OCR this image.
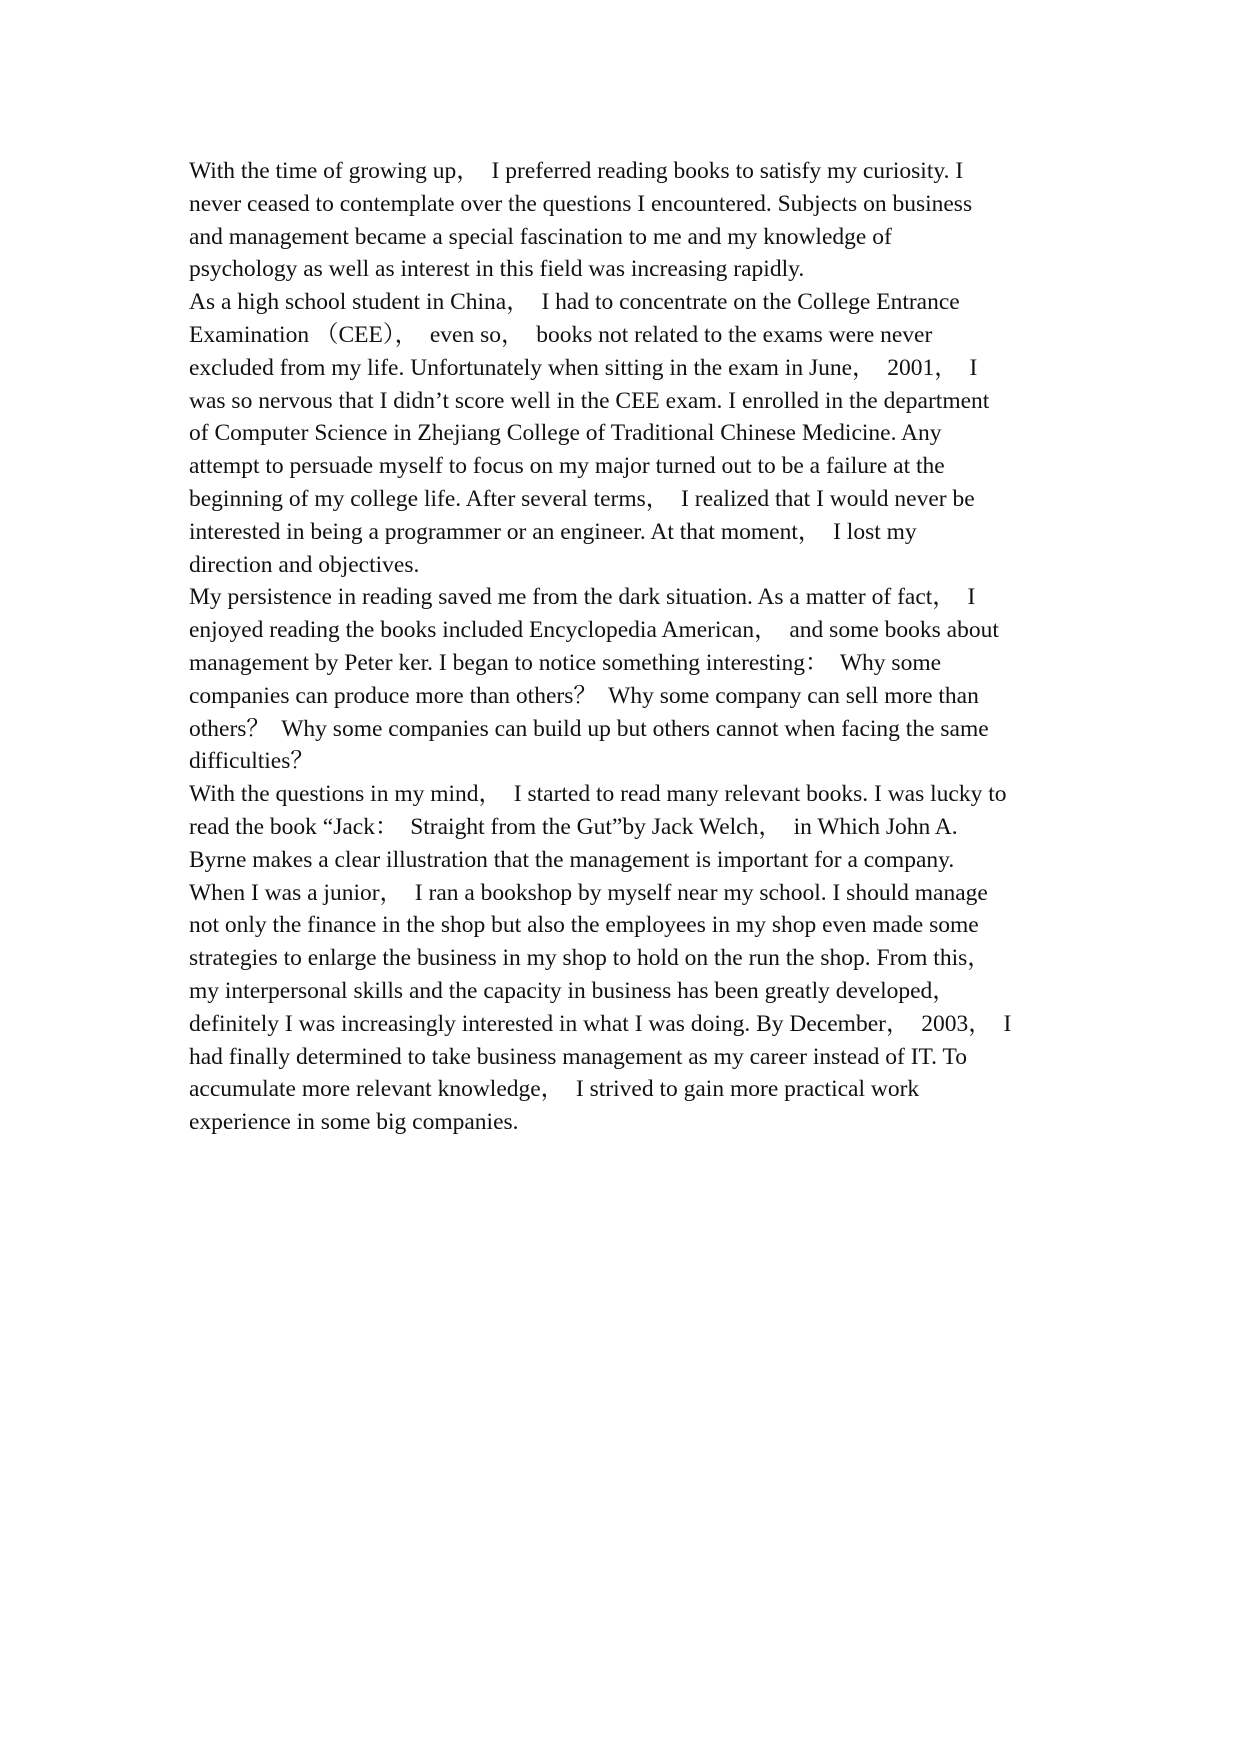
With the time of growing up，  I preferred reading books to satisfy my curiosity. I
never ceased to contemplate over the questions I encountered. Subjects on business
and management became a special fascination to me and my knowledge of
psychology as well as interest in this field was increasing rapidly.
As a high school student in China，  I had to concentrate on the College Entrance
Examination （CEE），  even so，  books not related to the exams were never
excluded from my life. Unfortunately when sitting in the exam in June，  2001，  I
was so nervous that I didn’t score well in the CEE exam. I enrolled in the department
of Computer Science in Zhejiang College of Traditional Chinese Medicine. Any
attempt to persuade myself to focus on my major turned out to be a failure at the
beginning of my college life. After several terms，  I realized that I would never be
interested in being a programmer or an engineer. At that moment，  I lost my
direction and objectives.
My persistence in reading saved me from the dark situation. As a matter of fact，  I
enjoyed reading the books included Encyclopedia American，  and some books about
management by Peter ker. I began to notice something interesting：  Why some
companies can produce more than others？  Why some company can sell more than
others？  Why some companies can build up but others cannot when facing the same
difficulties？
With the questions in my mind，  I started to read many relevant books. I was lucky to
read the book “Jack：  Straight from the Gut”by Jack Welch，  in Which John A.
Byrne makes a clear illustration that the management is important for a company.
When I was a junior，  I ran a bookshop by myself near my school. I should manage
not only the finance in the shop but also the employees in my shop even made some
strategies to enlarge the business in my shop to hold on the run the shop. From this，
my interpersonal skills and the capacity in business has been greatly developed，
definitely I was increasingly interested in what I was doing. By December，  2003，  I
had finally determined to take business management as my career instead of IT. To
accumulate more relevant knowledge，  I strived to gain more practical work
experience in some big companies.
